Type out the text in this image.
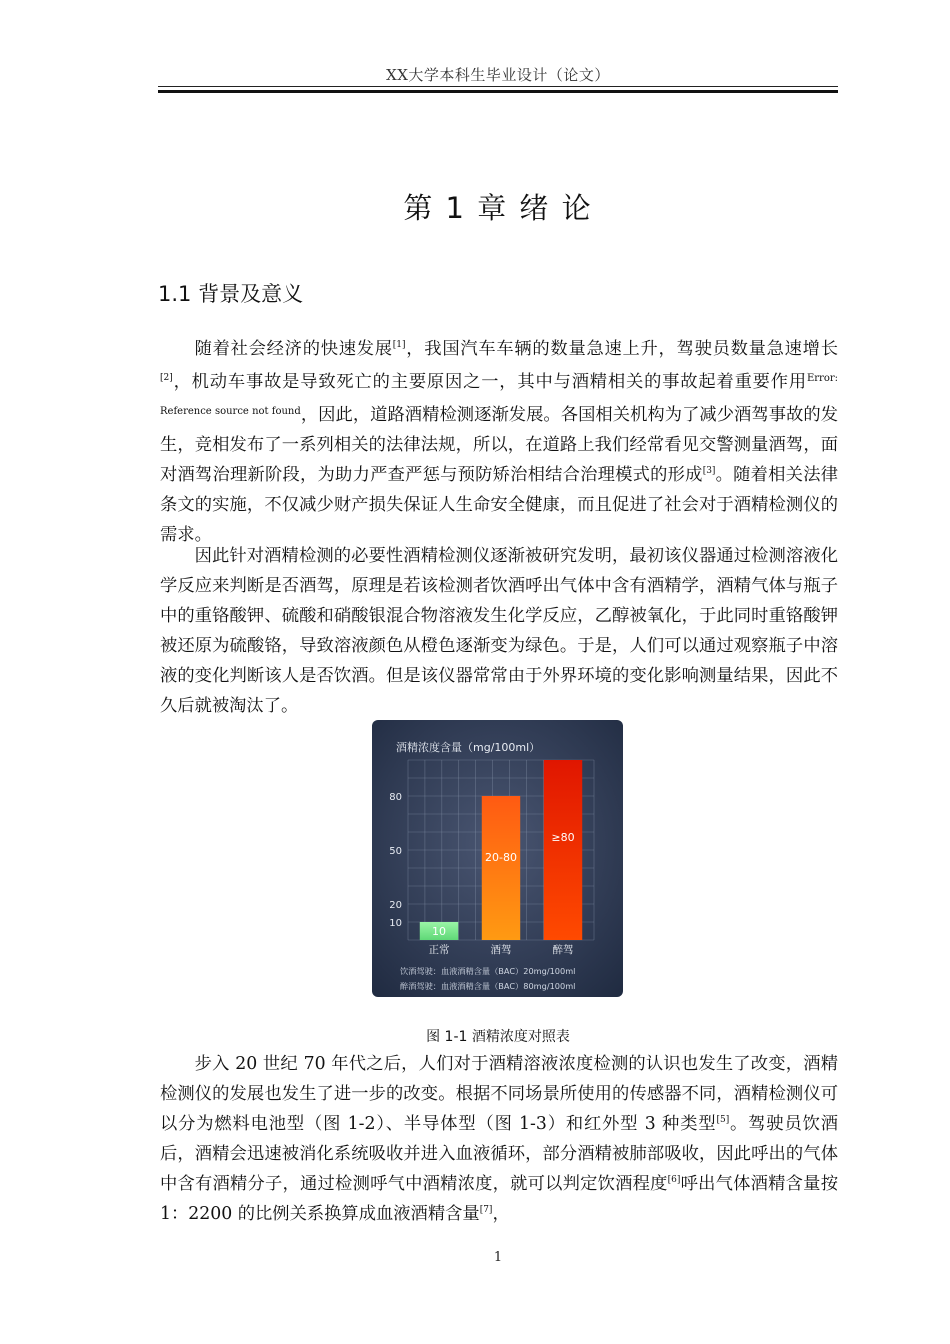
XX大学本科生毕业设计（论文）
第 1 章 绪 论
1.1 背景及意义

随着社会经济的快速发展[1]，我国汽车车辆的数量急速上升，驾驶员数量急速增长[2]，机动车事故是导致死亡的主要原因之一，其中与酒精相关的事故起着重要作用$^{Error: Reference source not found}$，因此，道路酒精检测逐渐发展。各国相关机构为了减少酒驾事故的发生，竞相发布了一系列相关的法律法规，所以，在道路上我们经常看见交警测量酒驾，面对酒驾治理新阶段，为助力严查严惩与预防矫治相结合治理模式的形成[3]。随着相关法律条文的实施，不仅减少财产损失保证人生命安全健康，而且促进了社会对于酒精检测仪的需求。

因此针对酒精检测的必要性酒精检测仪逐渐被研究发明，最初该仪器通过检测溶液化学反应来判断是否酒驾，原理是若该检测者饮酒呼出气体中含有酒精学，酒精气体与瓶子中的重铬酸钾、硫酸和硝酸银混合物溶液发生化学反应，乙醇被氧化，于此同时重铬酸钾被还原为硫酸铬，导致溶液颜色从橙色逐渐变为绿色。于是，人们可以通过观察瓶子中溶液的变化判断该人是否饮酒。但是该仪器常常由于外界环境的变化影响测量结果，因此不久后就被淘汰了。

酒精浓度含量（mg/100ml）
10
20
50
80
10
20-80
≥80
正常	酒驾	醉驾
饮酒驾驶：血液酒精含量（BAC）20mg/100ml
醉酒驾驶：血液酒精含量（BAC）80mg/100ml
图 1-1 酒精浓度对照表

步入 20 世纪 70 年代之后，人们对于酒精溶液浓度检测的认识也发生了改变，酒精检测仪的发展也发生了进一步的改变。根据不同场景所使用的传感器不同，酒精检测仪可以分为燃料电池型（图 1-2）、半导体型（图 1-3）和红外型 3 种类型[5]。驾驶员饮酒后，酒精会迅速被消化系统吸收并进入血液循环，部分酒精被肺部吸收，因此呼出的气体中含有酒精分子，通过检测呼气中酒精浓度，就可以判定饮酒程度[6]呼出气体酒精含量按 1：2200 的比例关系换算成血液酒精含量[7]，

1
